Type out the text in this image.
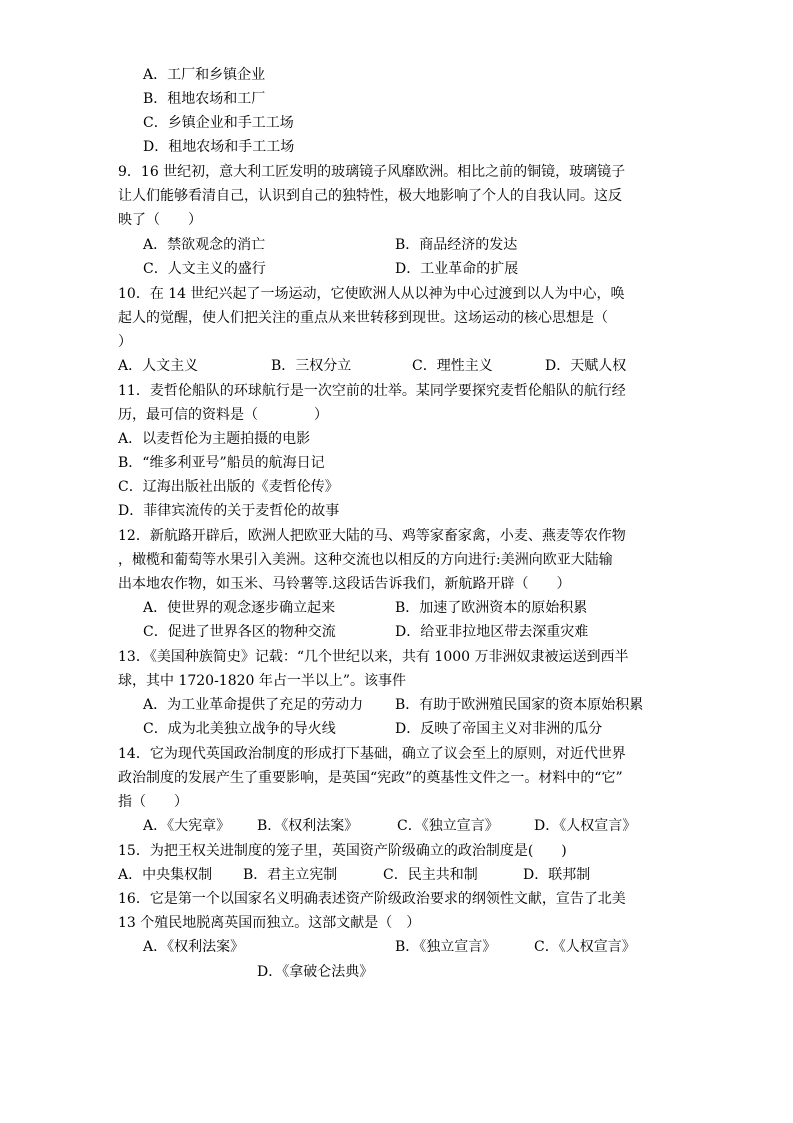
A．工厂和乡镇企业
B．租地农场和工厂
C．乡镇企业和手工工场
D．租地农场和手工工场
9．16 世纪初，意大利工匠发明的玻璃镜子风靡欧洲。相比之前的铜镜，玻璃镜子
让人们能够看清自己，认识到自己的独特性，极大地影响了个人的自我认同。这反
映了（　　）
A．禁欲观念的消亡	B．商品经济的发达
C．人文主义的盛行	D．工业革命的扩展
10．在 14 世纪兴起了一场运动，它使欧洲人从以神为中心过渡到以人为中心，唤
起人的觉醒，使人们把关注的重点从来世转移到现世。这场运动的核心思想是（
）
A．人文主义	B．三权分立	C．理性主义	D．天赋人权
11．麦哲伦船队的环球航行是一次空前的壮举。某同学要探究麦哲伦船队的航行经
历，最可信的资料是（　　　　）
A．以麦哲伦为主题拍摄的电影
B．“维多利亚号”船员的航海日记
C．辽海出版社出版的《麦哲伦传》
D．菲律宾流传的关于麦哲伦的故事
12．新航路开辟后，欧洲人把欧亚大陆的马、鸡等家畜家禽，小麦、燕麦等农作物
，橄榄和葡萄等水果引入美洲。这种交流也以相反的方向进行:美洲向欧亚大陆输
出本地农作物，如玉米、马铃薯等.这段话告诉我们，新航路开辟（　　）
A．使世界的观念逐步确立起来	B．加速了欧洲资本的原始积累
C．促进了世界各区的物种交流	D．给亚非拉地区带去深重灾难
13．《美国种族简史》记载：“几个世纪以来，共有 1000 万非洲奴隶被运送到西半
球，其中 1720-1820 年占一半以上”。该事件
A．为工业革命提供了充足的劳动力 B．有助于欧洲殖民国家的资本原始积累
C．成为北美独立战争的导火线	D．反映了帝国主义对非洲的瓜分
14．它为现代英国政治制度的形成打下基础，确立了议会至上的原则，对近代世界
政治制度的发展产生了重要影响，是英国“宪政”的奠基性文件之一。材料中的“它”
指（　　）
A．《大宪章》 B．《权利法案》	C．《独立宣言》	D．《人权宣言》
15．为把王权关进制度的笼子里，英国资产阶级确立的政治制度是(　　)
A．中央集权制 B．君主立宪制	C．民主共和制	D．联邦制
16．它是第一个以国家名义明确表述资产阶级政治要求的纲领性文献，宣告了北美
13 个殖民地脱离英国而独立。这部文献是（　）
A．《权利法案》	B．《独立宣言》	C．《人权宣言》
D．《拿破仑法典》
